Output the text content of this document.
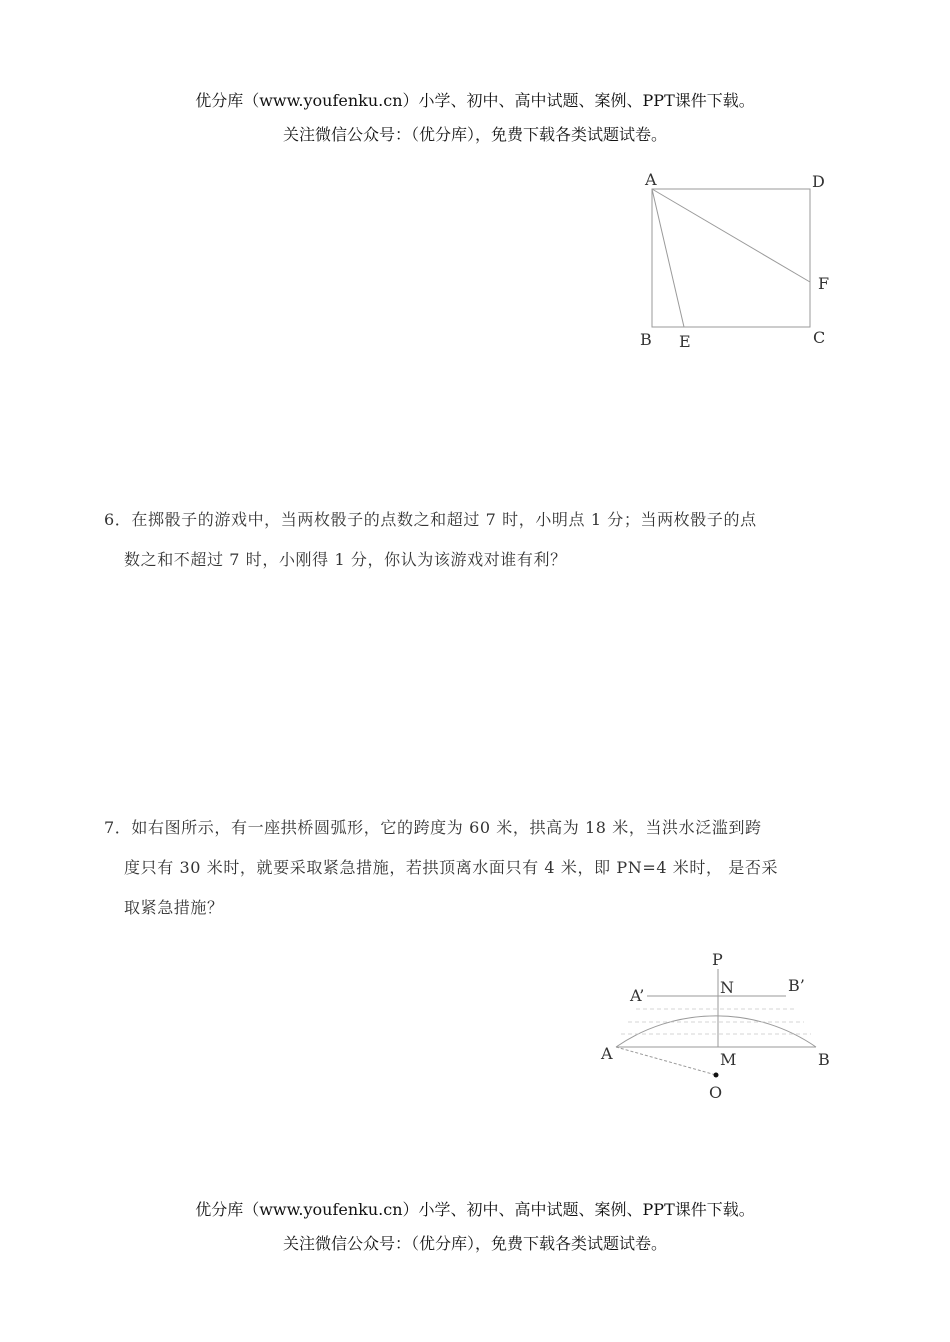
优分库（www.youfenku.cn）小学、初中、高中试题、案例、PPT课件下载。
关注微信公众号：（优分库），免费下载各类试题试卷。
A	D
F
B E	C
6．在掷骰子的游戏中，当两枚骰子的点数之和超过 7 时，小明点 1 分；当两枚骰子的点
数之和不超过 7 时，小刚得 1 分，你认为该游戏对谁有利？
7．如右图所示，有一座拱桥圆弧形，它的跨度为 60 米，拱高为 18 米，当洪水泛滥到跨
度只有 30 米时，就要采取紧急措施，若拱顶离水面只有 4 米，即 PN=4 米时， 是否采
取紧急措施？
P
A’
B’
N
A	M	B
O
优分库（www.youfenku.cn）小学、初中、高中试题、案例、PPT课件下载。
关注微信公众号：（优分库），免费下载各类试题试卷。
